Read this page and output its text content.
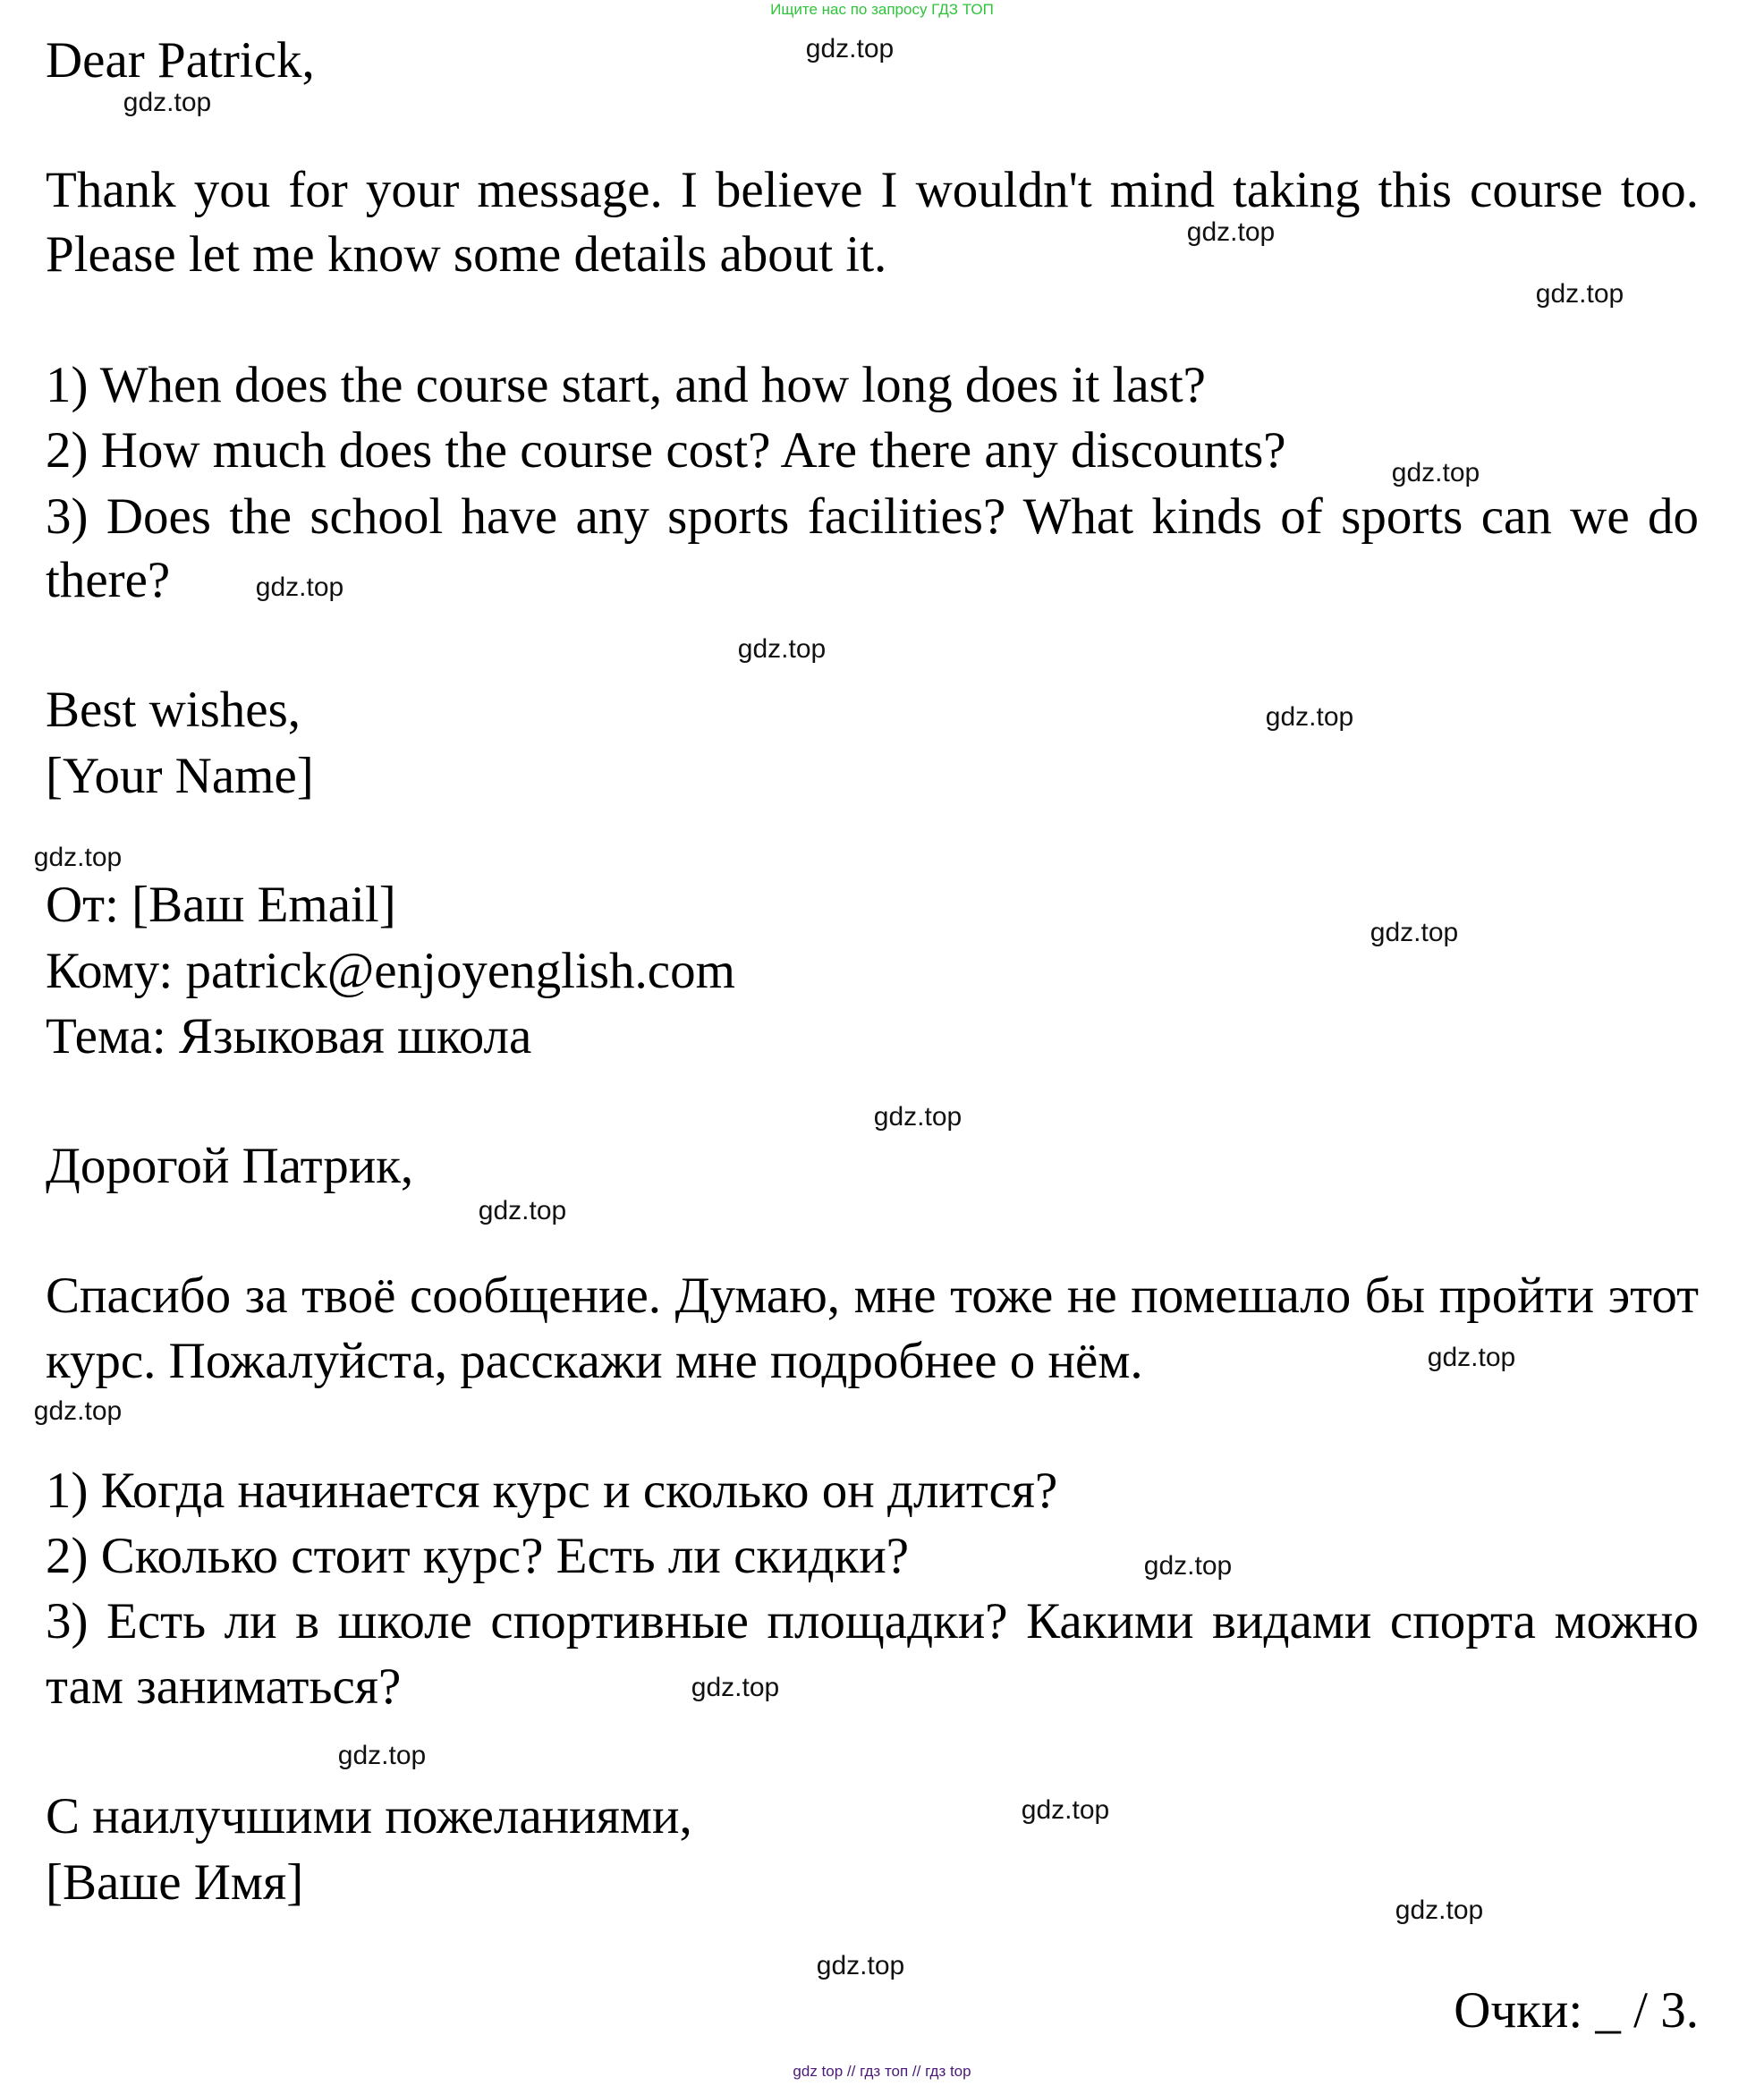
Ищите нас по запросу ГДЗ ТОП
Dear Patrick,
Thank you for your message. I believe I wouldn't mind taking this course too.
Please let me know some details about it.
1) When does the course start, and how long does it last?
2) How much does the course cost? Are there any discounts?
3) Does the school have any sports facilities? What kinds of sports can we do
there?
Best wishes,
[Your Name]
От: [Ваш Email]
Кому: patrick@enjoyenglish.com
Тема: Языковая школа
Дорогой Патрик,
Спасибо за твоё сообщение. Думаю, мне тоже не помешало бы пройти этот
курс. Пожалуйста, расскажи мне подробнее о нём.
1) Когда начинается курс и сколько он длится?
2) Сколько стоит курс? Есть ли скидки?
3) Есть ли в школе спортивные площадки? Какими видами спорта можно
там заниматься?
С наилучшими пожеланиями,
[Ваше Имя]
Очки: _ / 3.
gdz.top
gdz.top
gdz.top
gdz.top
gdz.top
gdz.top
gdz.top
gdz.top
gdz.top
gdz.top
gdz.top
gdz.top
gdz.top
gdz.top
gdz.top
gdz.top
gdz.top
gdz.top
gdz.top
gdz.top
gdz top // гдз топ // гдз top
